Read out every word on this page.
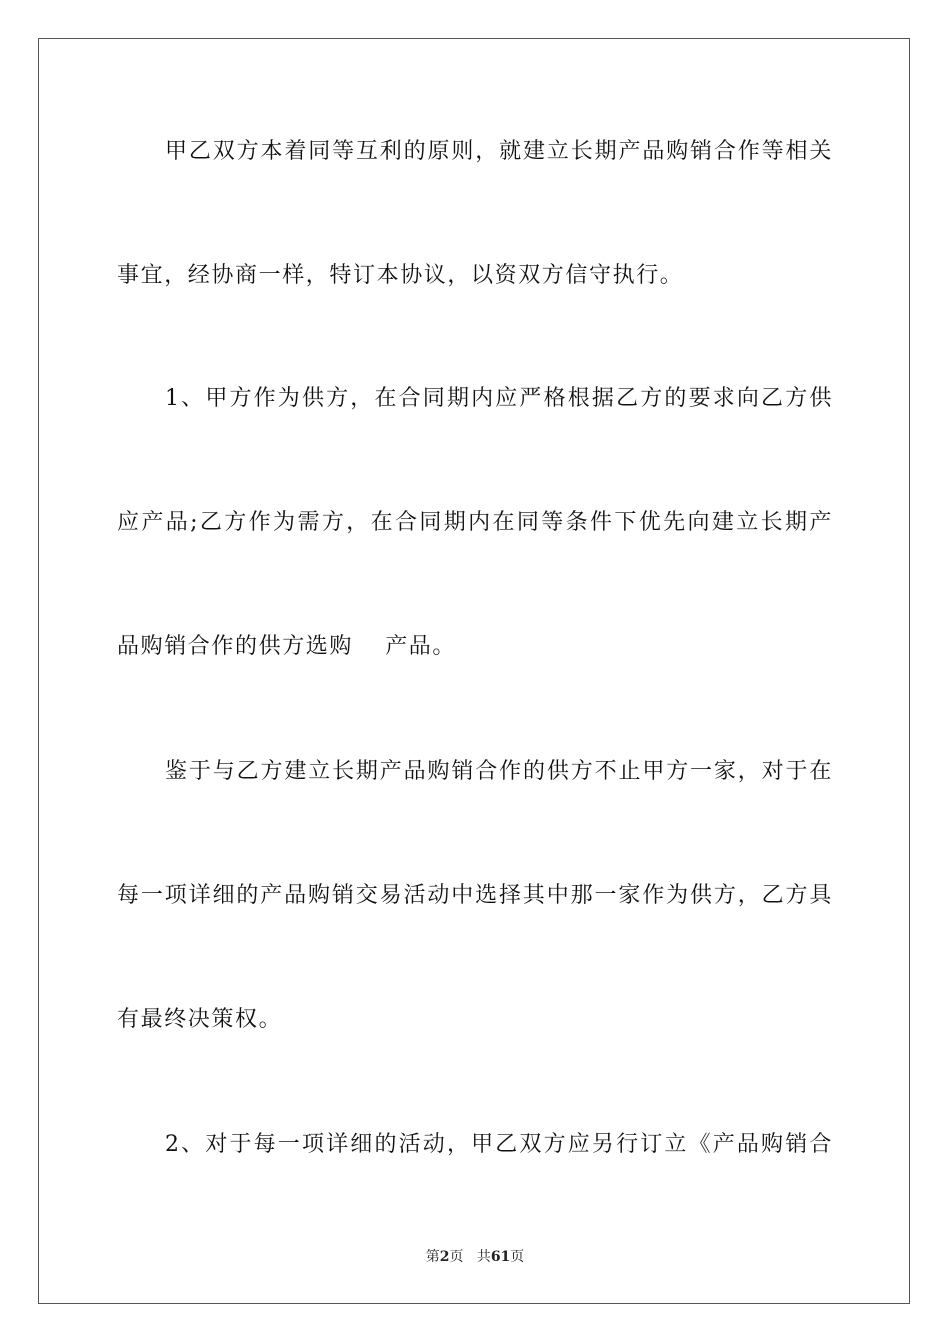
甲乙双方本着同等互利的原则，就建立长期产品购销合作等相关
事宜，经协商一样，特订本协议，以资双方信守执行。
1、甲方作为供方，在合同期内应严格根据乙方的要求向乙方供
应产品;乙方作为需方，在合同期内在同等条件下优先向建立长期产
品购销合作的供方选购　 产品。
鉴于与乙方建立长期产品购销合作的供方不止甲方一家，对于在
每一项详细的产品购销交易活动中选择其中那一家作为供方，乙方具
有最终决策权。
2、对于每一项详细的活动，甲乙双方应另行订立《产品购销合
第2页 共61页
